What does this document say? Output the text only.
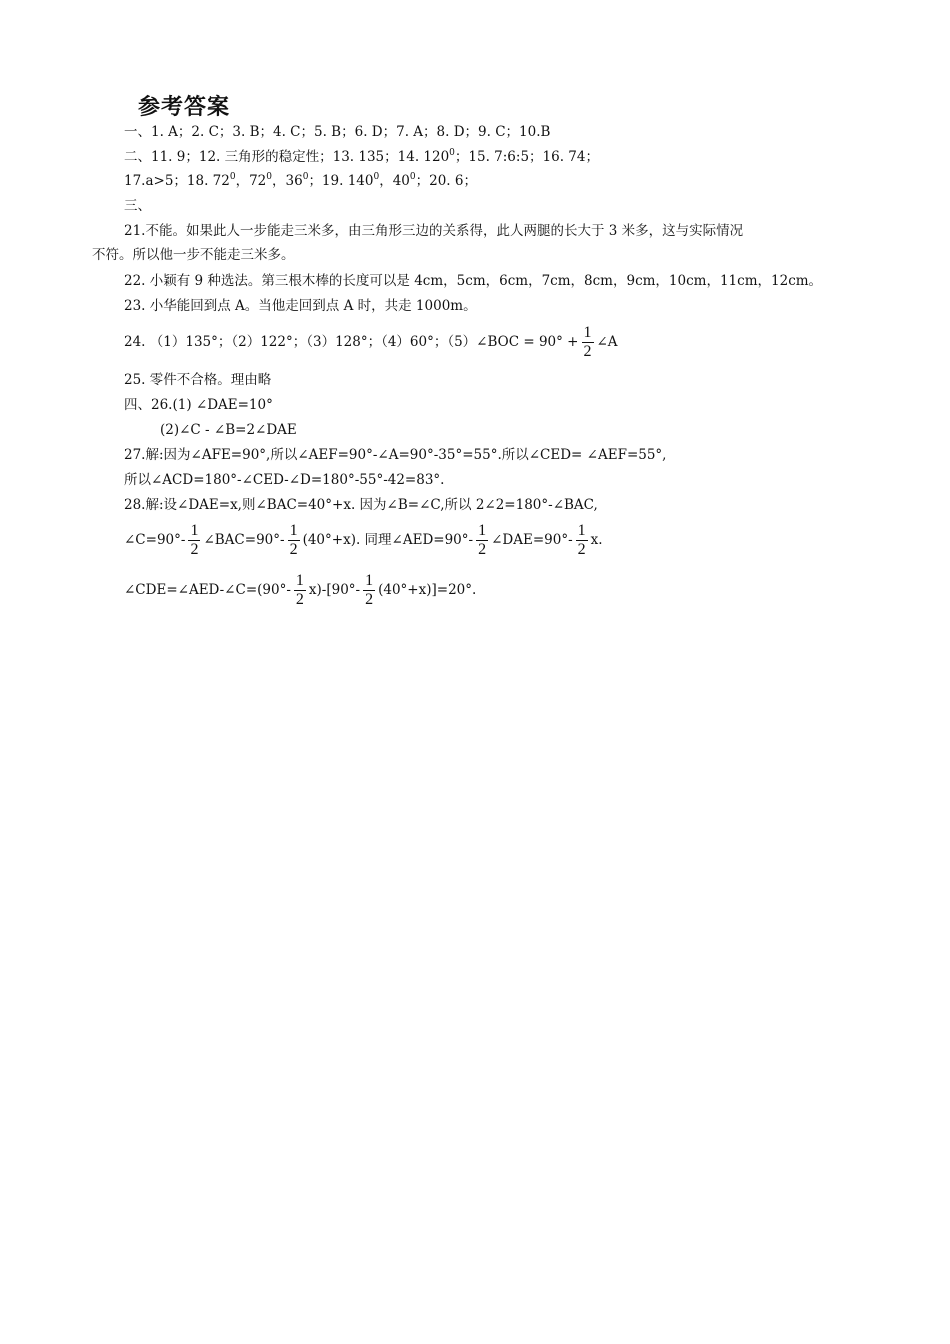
参考答案
一、1. A；2. C；3. B；4. C；5. B；6. D；7. A；8. D；9. C；10.B
二、11. 9；12. 三角形的稳定性；13. 135；14. $120^0$；15. 7:6:5；16. 74；
17.a>5；18. $72^0$，$72^0$，$36^0$；19. $140^0$，$40^0$；20. 6；
三、
21.不能。如果此人一步能走三米多，由三角形三边的关系得，此人两腿的长大于 3 米多，这与实际情况
不符。所以他一步不能走三米多。
22. 小颖有 9 种选法。第三根木棒的长度可以是 4cm，5cm，6cm，7cm，8cm，9cm，10cm，11cm，12cm。
23. 小华能回到点 A。当他走回到点 A 时，共走 1000m。
24. （1）135°；（2）122°；（3）128°；（4）60°；（5）∠BOC = $90^\circ + \frac{1}{2}$ ∠A
25. 零件不合格。理由略
四、26.(1) ∠DAE=10°
(2)∠C - ∠B=2∠DAE
27.解:因为∠AFE=90°,所以∠AEF=90°-∠A=90°-35°=55°.所以∠CED= ∠AEF=55°,
所以∠ACD=180°-∠CED-∠D=180°-55°-42=83°.
28.解:设∠DAE=x,则∠BAC=40°+x. 因为∠B=∠C,所以 2∠2=180°-∠BAC,
∠C=90°- $\frac{1}{2}$ ∠BAC=90°- $\frac{1}{2} (40^\circ+x)$. 同理∠AED=90°- $\frac{1}{2}$ ∠DAE=90°- $\frac{1}{2} x$.
∠CDE=∠AED-∠C=(90°- $\frac{1}{2} x)-[90^\circ- \frac{1}{2} (40^\circ+x)]=20^\circ$.
